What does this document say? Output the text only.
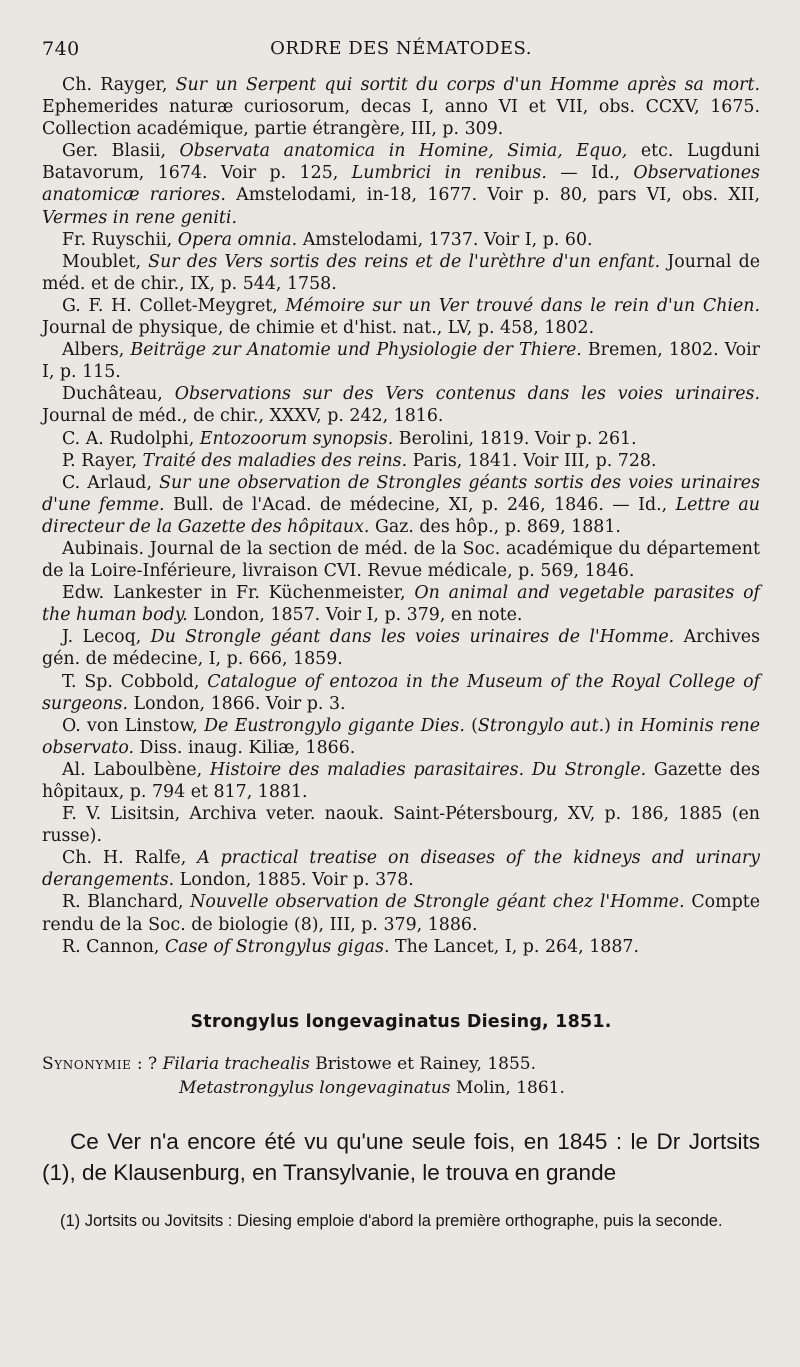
ORDRE DES NÉMATODES.
740

Ch. Rayger, Sur un Serpent qui sortit du corps d'un Homme après sa mort. Ephemerides naturæ curiosorum, decas I, anno VI et VII, obs. CCXV, 1675. Collection académique, partie étrangère, III, p. 309.

Ger. Blasii, Observata anatomica in Homine, Simia, Equo, etc. Lugduni Batavorum, 1674. Voir p. 125, Lumbrici in renibus. — Id., Observationes anatomicæ rariores. Amstelodami, in-18, 1677. Voir p. 80, pars VI, obs. XII, Vermes in rene geniti.

Fr. Ruyschii, Opera omnia. Amstelodami, 1737. Voir I, p. 60.

Moublet, Sur des Vers sortis des reins et de l'urèthre d'un enfant. Journal de méd. et de chir., IX, p. 544, 1758.

G. F. H. Collet-Meygret, Mémoire sur un Ver trouvé dans le rein d'un Chien. Journal de physique, de chimie et d'hist. nat., LV, p. 458, 1802.

Albers, Beiträge zur Anatomie und Physiologie der Thiere. Bremen, 1802. Voir I, p. 115.

Duchâteau, Observations sur des Vers contenus dans les voies urinaires. Journal de méd., de chir., XXXV, p. 242, 1816.

C. A. Rudolphi, Entozoorum synopsis. Berolini, 1819. Voir p. 261.

P. Rayer, Traité des maladies des reins. Paris, 1841. Voir III, p. 728.

C. Arlaud, Sur une observation de Strongles géants sortis des voies urinaires d'une femme. Bull. de l'Acad. de médecine, XI, p. 246, 1846. — Id., Lettre au directeur de la Gazette des hôpitaux. Gaz. des hôp., p. 869, 1881.

Aubinais. Journal de la section de méd. de la Soc. académique du département de la Loire-Inférieure, livraison CVI. Revue médicale, p. 569, 1846.

Edw. Lankester in Fr. Küchenmeister, On animal and vegetable parasites of the human body. London, 1857. Voir I, p. 379, en note.

J. Lecoq, Du Strongle géant dans les voies urinaires de l'Homme. Archives gén. de médecine, I, p. 666, 1859.

T. Sp. Cobbold, Catalogue of entozoa in the Museum of the Royal College of surgeons. London, 1866. Voir p. 3.

O. von Linstow, De Eustrongylo gigante Dies. (Strongylo aut.) in Hominis rene observato. Diss. inaug. Kiliæ, 1866.

Al. Laboulbène, Histoire des maladies parasitaires. Du Strongle. Gazette des hôpitaux, p. 794 et 817, 1881.

F. V. Lisitsin, Archiva veter. naouk. Saint-Pétersbourg, XV, p. 186, 1885 (en russe).

Ch. H. Ralfe, A practical treatise on diseases of the kidneys and urinary derangements. London, 1885. Voir p. 378.

R. Blanchard, Nouvelle observation de Strongle géant chez l'Homme. Compte rendu de la Soc. de biologie (8), III, p. 379, 1886.

R. Cannon, Case of Strongylus gigas. The Lancet, I, p. 264, 1887.

Strongylus longevaginatus Diesing, 1851.
Synonymie : ? Filaria trachealis Bristowe et Rainey, 1855.
Metastrongylus longevaginatus Molin, 1861.

Ce Ver n'a encore été vu qu'une seule fois, en 1845 : le Dr Jortsits (1), de Klausenburg, en Transylvanie, le trouva en grande

(1) Jortsits ou Jovitsits : Diesing emploie d'abord la première orthographe, puis la seconde.
